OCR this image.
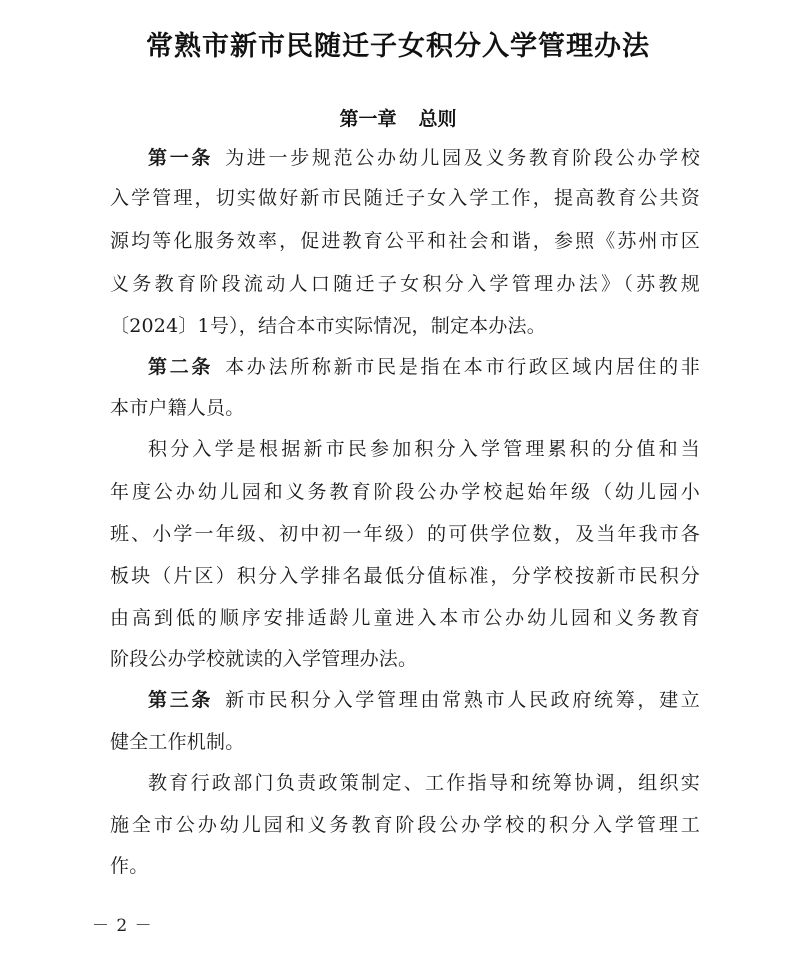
常熟市新市民随迁子女积分入学管理办法
第一章 总则
第一条 为进一步规范公办幼儿园及义务教育阶段公办学校
入学管理，切实做好新市民随迁子女入学工作，提高教育公共资
源均等化服务效率，促进教育公平和社会和谐，参照《苏州市区
义务教育阶段流动人口随迁子女积分入学管理办法》（苏教规
〔2024〕1号），结合本市实际情况，制定本办法。
第二条 本办法所称新市民是指在本市行政区域内居住的非
本市户籍人员。
积分入学是根据新市民参加积分入学管理累积的分值和当
年度公办幼儿园和义务教育阶段公办学校起始年级（幼儿园小
班、小学一年级、初中初一年级）的可供学位数，及当年我市各
板块（片区）积分入学排名最低分值标准，分学校按新市民积分
由高到低的顺序安排适龄儿童进入本市公办幼儿园和义务教育
阶段公办学校就读的入学管理办法。
第三条 新市民积分入学管理由常熟市人民政府统筹，建立
健全工作机制。
教育行政部门负责政策制定、工作指导和统筹协调，组织实
施全市公办幼儿园和义务教育阶段公办学校的积分入学管理工
作。
－ 2 －
